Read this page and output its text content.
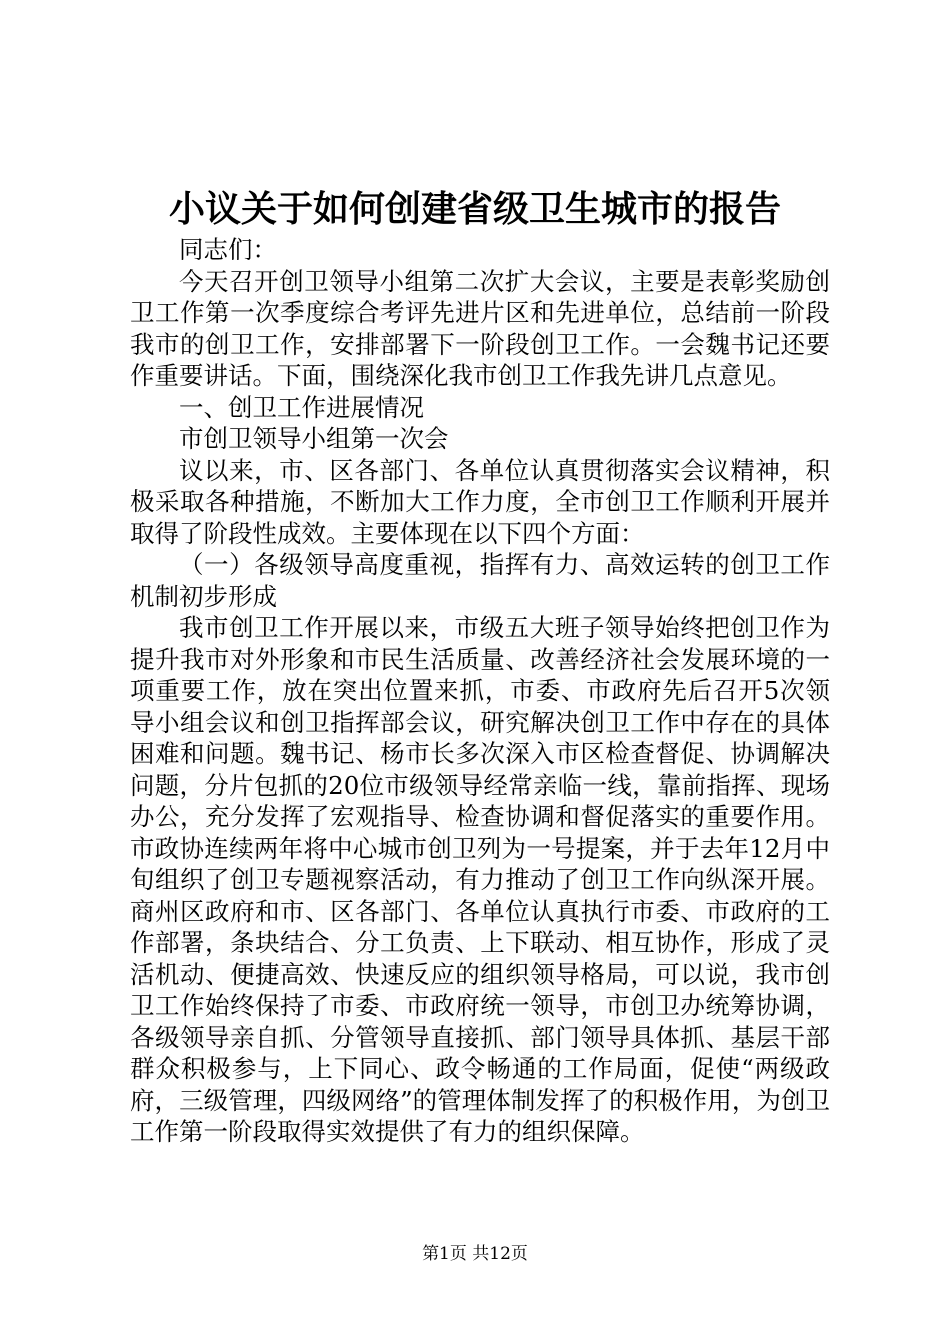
小议关于如何创建省级卫生城市的报告

同志们：

今天召开创卫领导小组第二次扩大会议，主要是表彰奖励创卫工作第一次季度综合考评先进片区和先进单位，总结前一阶段我市的创卫工作，安排部署下一阶段创卫工作。一会魏书记还要作重要讲话。下面，围绕深化我市创卫工作我先讲几点意见。

一、创卫工作进展情况

市创卫领导小组第一次会

议以来，市、区各部门、各单位认真贯彻落实会议精神，积极采取各种措施，不断加大工作力度，全市创卫工作顺利开展并取得了阶段性成效。主要体现在以下四个方面：

（一）各级领导高度重视，指挥有力、高效运转的创卫工作机制初步形成

我市创卫工作开展以来，市级五大班子领导始终把创卫作为提升我市对外形象和市民生活质量、改善经济社会发展环境的一项重要工作，放在突出位置来抓，市委、市政府先后召开5次领导小组会议和创卫指挥部会议，研究解决创卫工作中存在的具体困难和问题。魏书记、杨市长多次深入市区检查督促、协调解决问题，分片包抓的20位市级领导经常亲临一线，靠前指挥、现场办公，充分发挥了宏观指导、检查协调和督促落实的重要作用。市政协连续两年将中心城市创卫列为一号提案，并于去年12月中旬组织了创卫专题视察活动，有力推动了创卫工作向纵深开展。商州区政府和市、区各部门、各单位认真执行市委、市政府的工作部署，条块结合、分工负责、上下联动、相互协作，形成了灵活机动、便捷高效、快速反应的组织领导格局，可以说，我市创卫工作始终保持了市委、市政府统一领导，市创卫办统筹协调，各级领导亲自抓、分管领导直接抓、部门领导具体抓、基层干部群众积极参与，上下同心、政令畅通的工作局面，促使“两级政府，三级管理，四级网络”的管理体制发挥了的积极作用，为创卫工作第一阶段取得实效提供了有力的组织保障。

第1页 共12页
